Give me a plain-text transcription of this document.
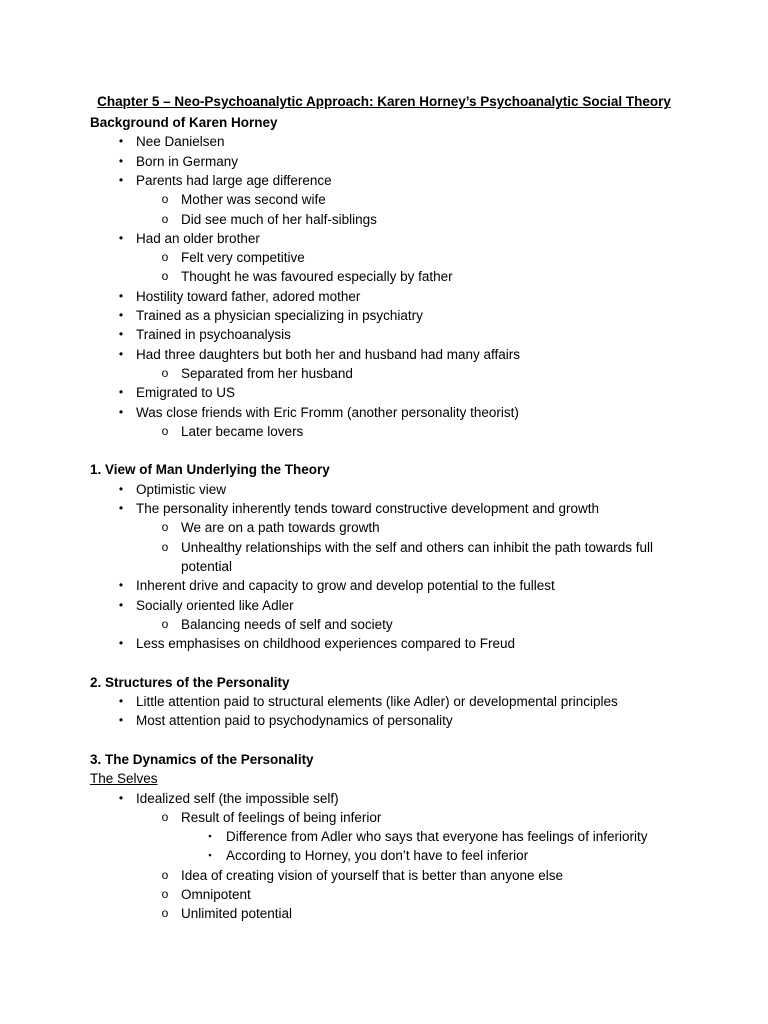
Chapter 5 – Neo-Psychoanalytic Approach: Karen Horney’s Psychoanalytic Social Theory
Background of Karen Horney
• Nee Danielsen
• Born in Germany
• Parents had large age difference
o Mother was second wife
o Did see much of her half-siblings
• Had an older brother
o Felt very competitive
o Thought he was favoured especially by father
• Hostility toward father, adored mother
• Trained as a physician specializing in psychiatry
• Trained in psychoanalysis
• Had three daughters but both her and husband had many affairs
o Separated from her husband
• Emigrated to US
• Was close friends with Eric Fromm (another personality theorist)
o Later became lovers
1. View of Man Underlying the Theory
• Optimistic view
• The personality inherently tends toward constructive development and growth
o We are on a path towards growth
o Unhealthy relationships with the self and others can inhibit the path towards full
potential
• Inherent drive and capacity to grow and develop potential to the fullest
• Socially oriented like Adler
o Balancing needs of self and society
• Less emphasises on childhood experiences compared to Freud
2. Structures of the Personality
• Little attention paid to structural elements (like Adler) or developmental principles
• Most attention paid to psychodynamics of personality
3. The Dynamics of the Personality
The Selves
• Idealized self (the impossible self)
o Result of feelings of being inferior
▪	Difference from Adler who says that everyone has feelings of inferiority
▪	According to Horney, you don’t have to feel inferior
o Idea of creating vision of yourself that is better than anyone else
o Omnipotent
o Unlimited potential
